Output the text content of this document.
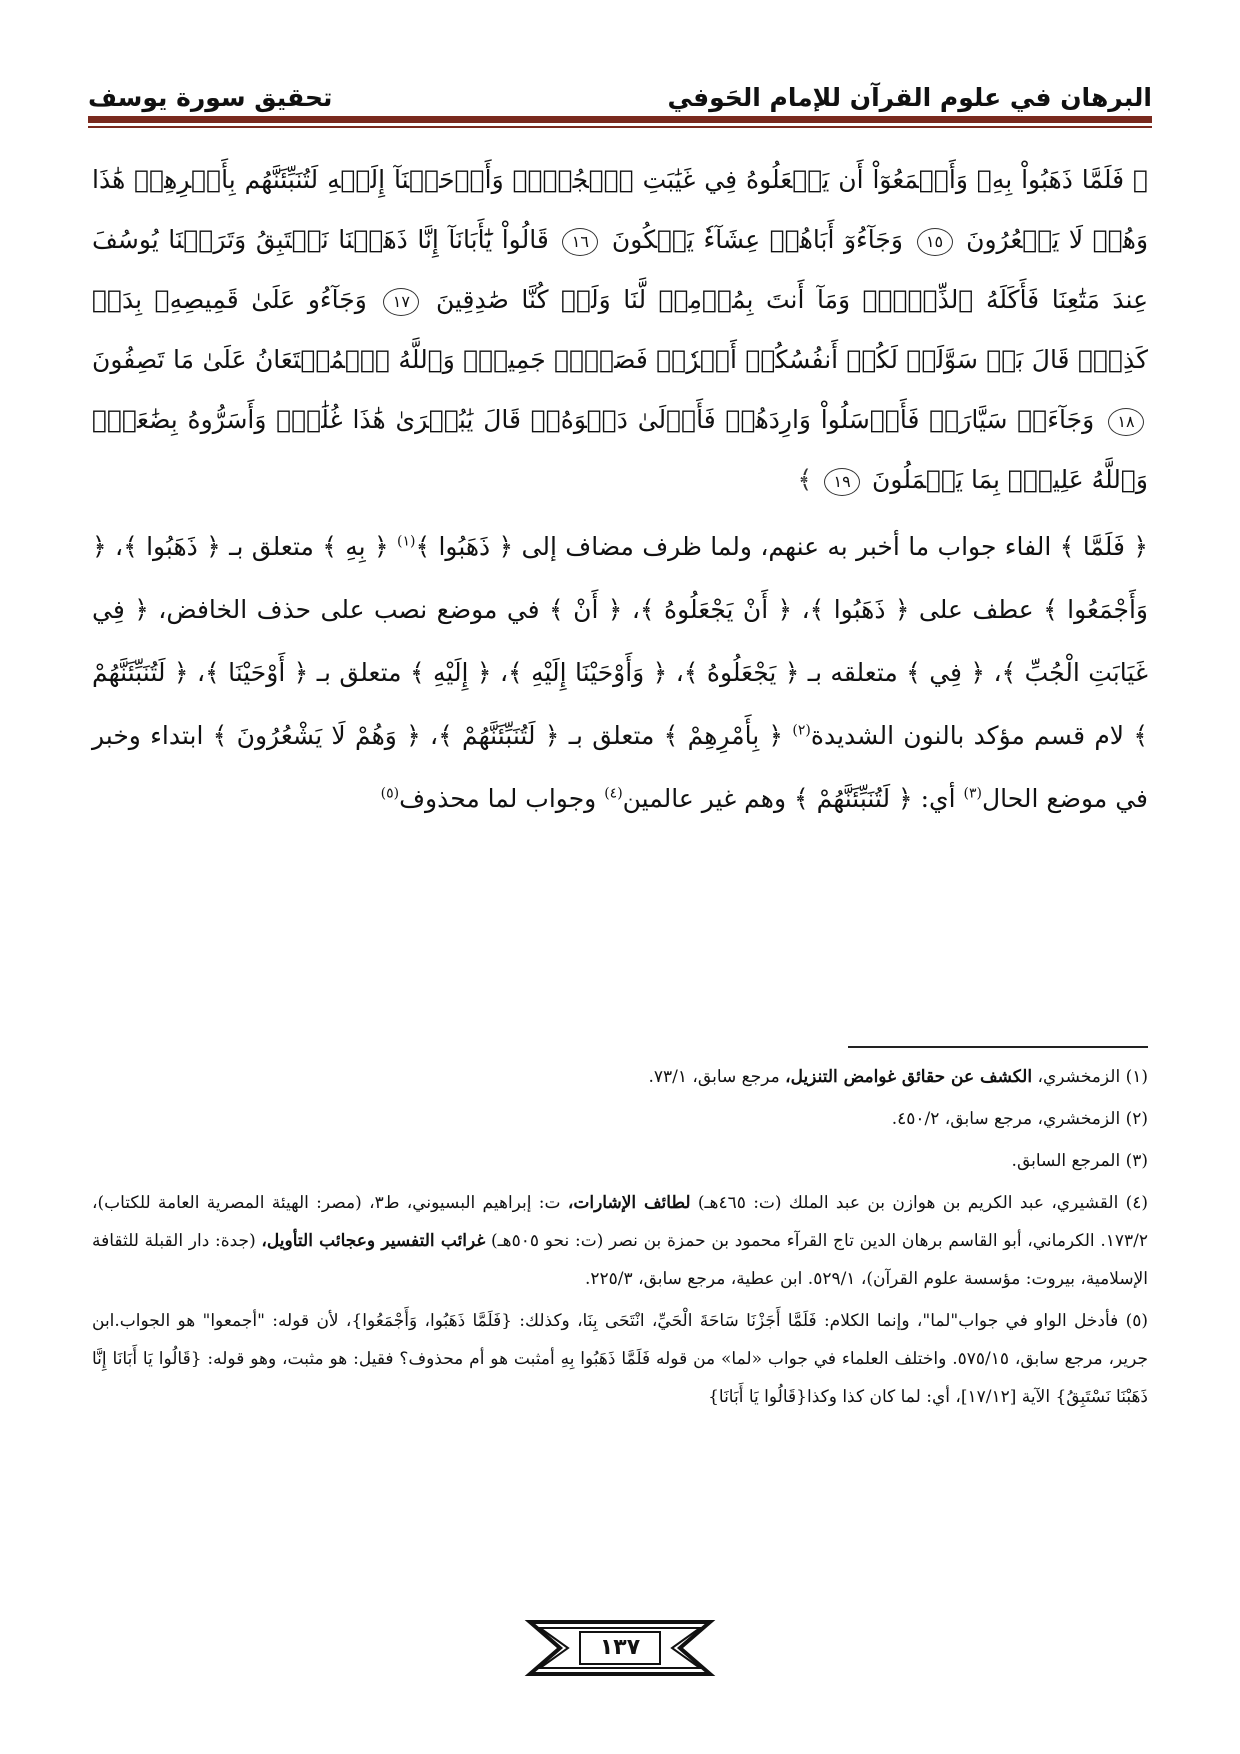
البرهان في علوم القرآن للإمام الحَوفي
تحقيق سورة يوسف
﴿ فَلَمَّا ذَهَبُواْ بِهِۦ وَأَجۡمَعُوٓاْ أَن يَجۡعَلُوهُ فِي غَيَٰبَتِ ٱلۡجُبِّۚ وَأَوۡحَيۡنَآ إِلَيۡهِ لَتُنَبِّئَنَّهُم بِأَمۡرِهِمۡ هَٰذَا وَهُمۡ لَا يَشۡعُرُونَ ١٥ وَجَآءُوٓ أَبَاهُمۡ عِشَآءٗ يَبۡكُونَ ١٦ قَالُواْ يَٰٓأَبَانَآ إِنَّا ذَهَبۡنَا نَسۡتَبِقُ وَتَرَكۡنَا يُوسُفَ عِندَ مَتَٰعِنَا فَأَكَلَهُ ٱلذِّئۡبُۖ وَمَآ أَنتَ بِمُؤۡمِنٖ لَّنَا وَلَوۡ كُنَّا صَٰدِقِينَ ١٧ وَجَآءُو عَلَىٰ قَمِيصِهِۦ بِدَمٖ كَذِبٖۚ قَالَ بَلۡ سَوَّلَتۡ لَكُمۡ أَنفُسُكُمۡ أَمۡرٗاۖ فَصَبۡرٞ جَمِيلٞۖ وَٱللَّهُ ٱلۡمُسۡتَعَانُ عَلَىٰ مَا تَصِفُونَ ١٨ وَجَآءَتۡ سَيَّارَةٞ فَأَرۡسَلُواْ وَارِدَهُمۡ فَأَدۡلَىٰ دَلۡوَهُۥۖ قَالَ يَٰبُشۡرَىٰ هَٰذَا غُلَٰمٞۚ وَأَسَرُّوهُ بِضَٰعَةٗۚ وَٱللَّهُ عَلِيمُۢ بِمَا يَعۡمَلُونَ ١٩ ﴾
﴿ فَلَمَّا ﴾ الفاء جواب ما أخبر به عنهم، ولما ظرف مضاف إلى ﴿ ذَهَبُوا ﴾$^{(١)}$ ﴿ بِهِ ﴾ متعلق بـ ﴿ ذَهَبُوا ﴾، ﴿ وَأَجْمَعُوا ﴾ عطف على ﴿ ذَهَبُوا ﴾، ﴿ أَنْ يَجْعَلُوهُ ﴾، ﴿ أَنْ ﴾ في موضع نصب على حذف الخافض، ﴿ فِي غَيَابَتِ الْجُبِّ ﴾، ﴿ فِي ﴾ متعلقه بـ ﴿ يَجْعَلُوهُ ﴾، ﴿ وَأَوْحَيْنَا إِلَيْهِ ﴾، ﴿ إِلَيْهِ ﴾ متعلق بـ ﴿ أَوْحَيْنَا ﴾، ﴿ لَتُنَبِّئَنَّهُمْ ﴾ لام قسم مؤكد بالنون الشديدة$^{(٢)}$ ﴿ بِأَمْرِهِمْ ﴾ متعلق بـ ﴿ لَتُنَبِّئَنَّهُمْ ﴾، ﴿ وَهُمْ لَا يَشْعُرُونَ ﴾ ابتداء وخبر في موضع الحال$^{(٣)}$ أي: ﴿ لَتُنَبِّئَنَّهُمْ ﴾ وهم غير عالمين$^{(٤)}$ وجواب لما محذوف$^{(٥)}$

(١) الزمخشري، الكشف عن حقائق غوامض التنزيل، مرجع سابق، ٧٣/١.

(٢) الزمخشري، مرجع سابق، ٤٥٠/٢.

(٣) المرجع السابق.

(٤) القشيري، عبد الكريم بن هوازن بن عبد الملك (ت: ٤٦٥هـ) لطائف الإشارات، ت: إبراهيم البسيوني، ط٣، (مصر: الهيئة المصرية العامة للكتاب)، ١٧٣/٢. الكرماني، أبو القاسم برهان الدين تاج القرآء محمود بن حمزة بن نصر (ت: نحو ٥٠٥هـ) غرائب التفسير وعجائب التأويل، (جدة: دار القبلة للثقافة الإسلامية، بيروت: مؤسسة علوم القرآن)، ٥٢٩/١. ابن عطية، مرجع سابق، ٢٢٥/٣.

(٥) فأدخل الواو في جواب"لما"، وإنما الكلام: فَلَمَّا أَجَزْنَا سَاحَةَ الْحَيِّ، انْتَحَى بِنَا، وكذلك: {فَلَمَّا ذَهَبُوا، وَأَجْمَعُوا}، لأن قوله: "أجمعوا" هو الجواب.ابن جرير، مرجع سابق، ٥٧٥/١٥. واختلف العلماء في جواب «لما» من قوله فَلَمَّا ذَهَبُوا بِهِ أمثبت هو أم محذوف؟ فقيل: هو مثبت، وهو قوله: {قَالُوا يَا أَبَانَا إِنَّا ذَهَبْنَا نَسْتَبِقُ} الآية [١٧/١٢]، أي: لما كان كذا وكذا{قَالُوا يَا أَبَانَا}

١٣٧
